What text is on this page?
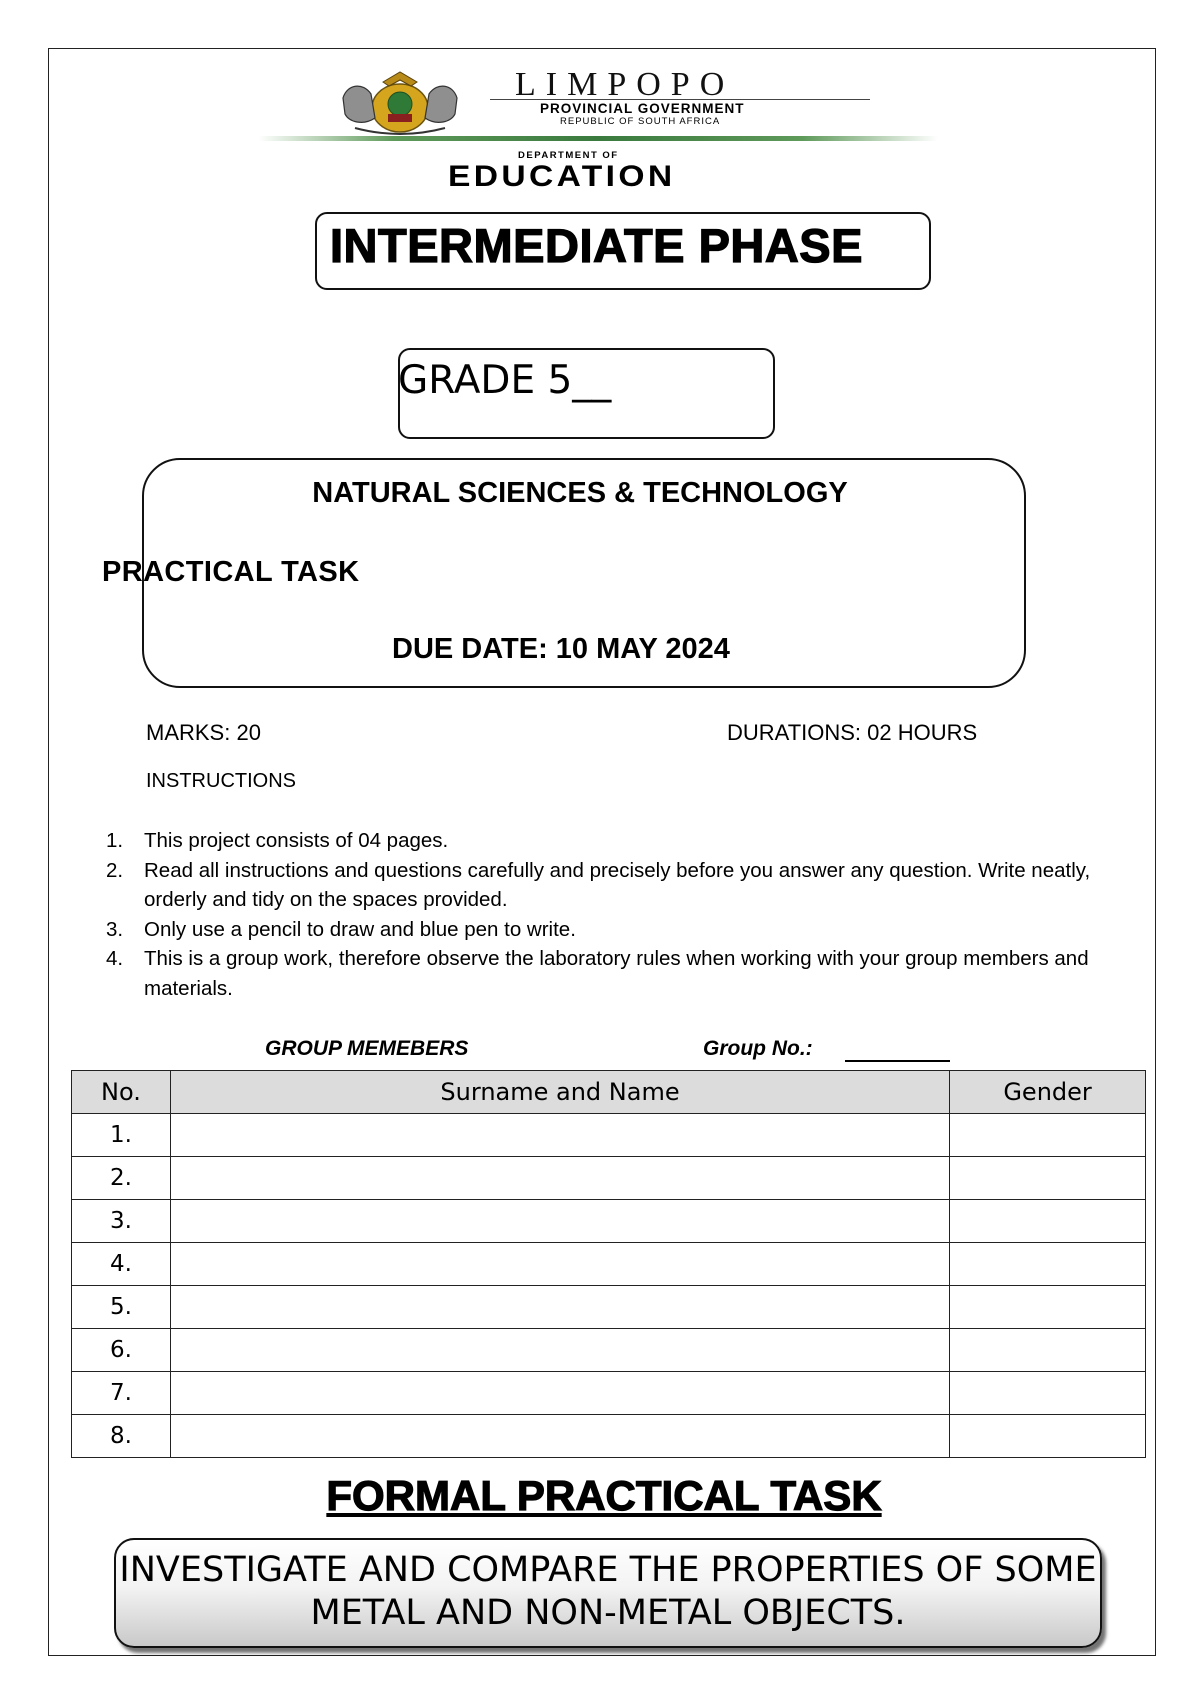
LIMPOPO
PROVINCIAL GOVERNMENT
REPUBLIC OF SOUTH AFRICA
DEPARTMENT OF
EDUCATION
INTERMEDIATE PHASE
GRADE 5__
NATURAL SCIENCES & TECHNOLOGY
PRACTICAL TASK
DUE DATE: 10 MAY 2024
MARKS: 20	DURATIONS: 02 HOURS
INSTRUCTIONS
1.	This project consists of 04 pages.
2.	Read all instructions and questions carefully and precisely before you answer any question. Write neatly, orderly and tidy on the spaces provided.
3.	Only use a pencil to draw and blue pen to write.
4.	This is a group work, therefore observe the laboratory rules when working with your group members and materials.
GROUP MEMEBERS	Group No.:
No.	Surname and Name	Gender
1.		
2.		
3.		
4.		
5.		
6.		
7.		
8.		
FORMAL PRACTICAL TASK
INVESTIGATE AND COMPARE THE PROPERTIES OF SOME METAL AND NON-METAL OBJECTS.
